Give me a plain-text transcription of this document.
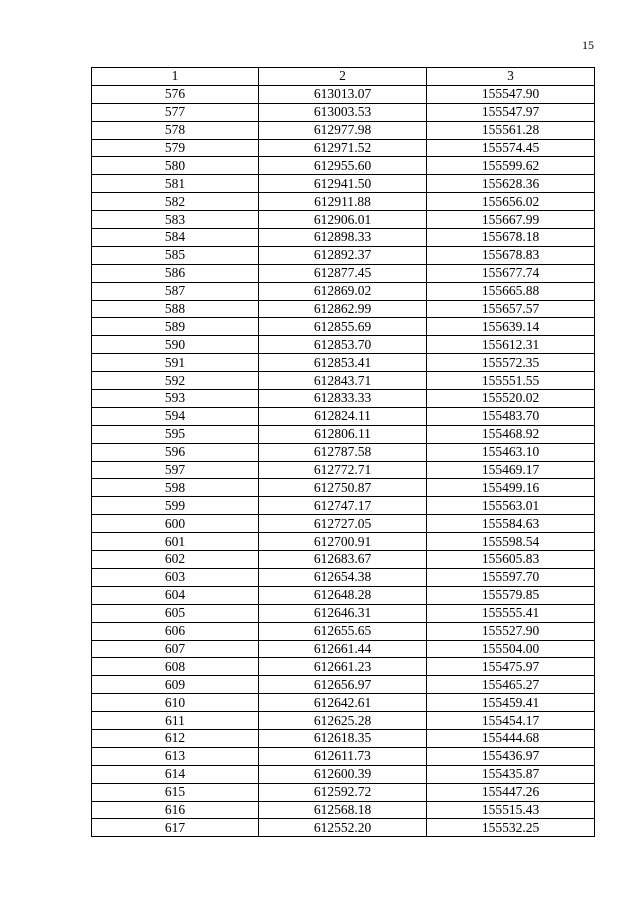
15
1	2	3
576	613013.07	155547.90
577	613003.53	155547.97
578	612977.98	155561.28
579	612971.52	155574.45
580	612955.60	155599.62
581	612941.50	155628.36
582	612911.88	155656.02
583	612906.01	155667.99
584	612898.33	155678.18
585	612892.37	155678.83
586	612877.45	155677.74
587	612869.02	155665.88
588	612862.99	155657.57
589	612855.69	155639.14
590	612853.70	155612.31
591	612853.41	155572.35
592	612843.71	155551.55
593	612833.33	155520.02
594	612824.11	155483.70
595	612806.11	155468.92
596	612787.58	155463.10
597	612772.71	155469.17
598	612750.87	155499.16
599	612747.17	155563.01
600	612727.05	155584.63
601	612700.91	155598.54
602	612683.67	155605.83
603	612654.38	155597.70
604	612648.28	155579.85
605	612646.31	155555.41
606	612655.65	155527.90
607	612661.44	155504.00
608	612661.23	155475.97
609	612656.97	155465.27
610	612642.61	155459.41
611	612625.28	155454.17
612	612618.35	155444.68
613	612611.73	155436.97
614	612600.39	155435.87
615	612592.72	155447.26
616	612568.18	155515.43
617	612552.20	155532.25
